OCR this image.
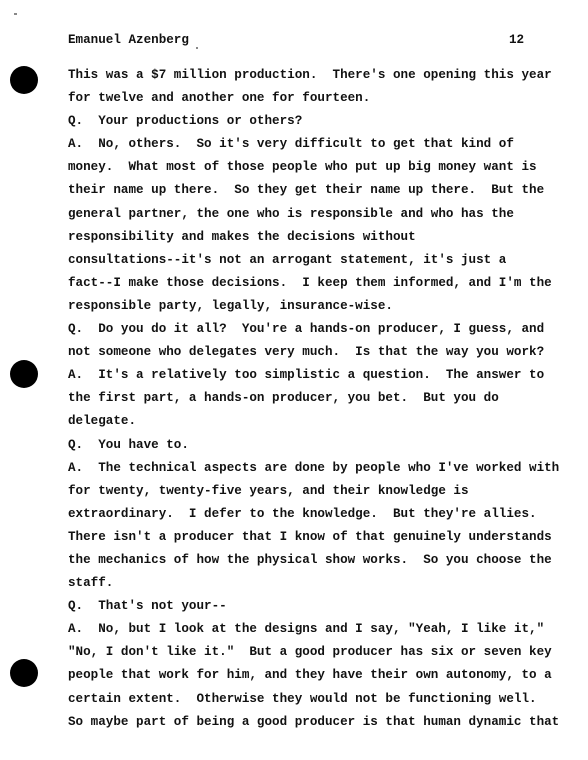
Emanuel Azenberg	12
This was a $7 million production.  There's one opening this year
for twelve and another one for fourteen.
Q.  Your productions or others?
A.  No, others.  So it's very difficult to get that kind of
money.  What most of those people who put up big money want is
their name up there.  So they get their name up there.  But the
general partner, the one who is responsible and who has the
responsibility and makes the decisions without
consultations--it's not an arrogant statement, it's just a
fact--I make those decisions.  I keep them informed, and I'm the
responsible party, legally, insurance-wise.
Q.  Do you do it all?  You're a hands-on producer, I guess, and
not someone who delegates very much.  Is that the way you work?
A.  It's a relatively too simplistic a question.  The answer to
the first part, a hands-on producer, you bet.  But you do
delegate.
Q.  You have to.
A.  The technical aspects are done by people who I've worked with
for twenty, twenty-five years, and their knowledge is
extraordinary.  I defer to the knowledge.  But they're allies.
There isn't a producer that I know of that genuinely understands
the mechanics of how the physical show works.  So you choose the
staff.
Q.  That's not your--
A.  No, but I look at the designs and I say, "Yeah, I like it,"
"No, I don't like it."  But a good producer has six or seven key
people that work for him, and they have their own autonomy, to a
certain extent.  Otherwise they would not be functioning well.
So maybe part of being a good producer is that human dynamic that
